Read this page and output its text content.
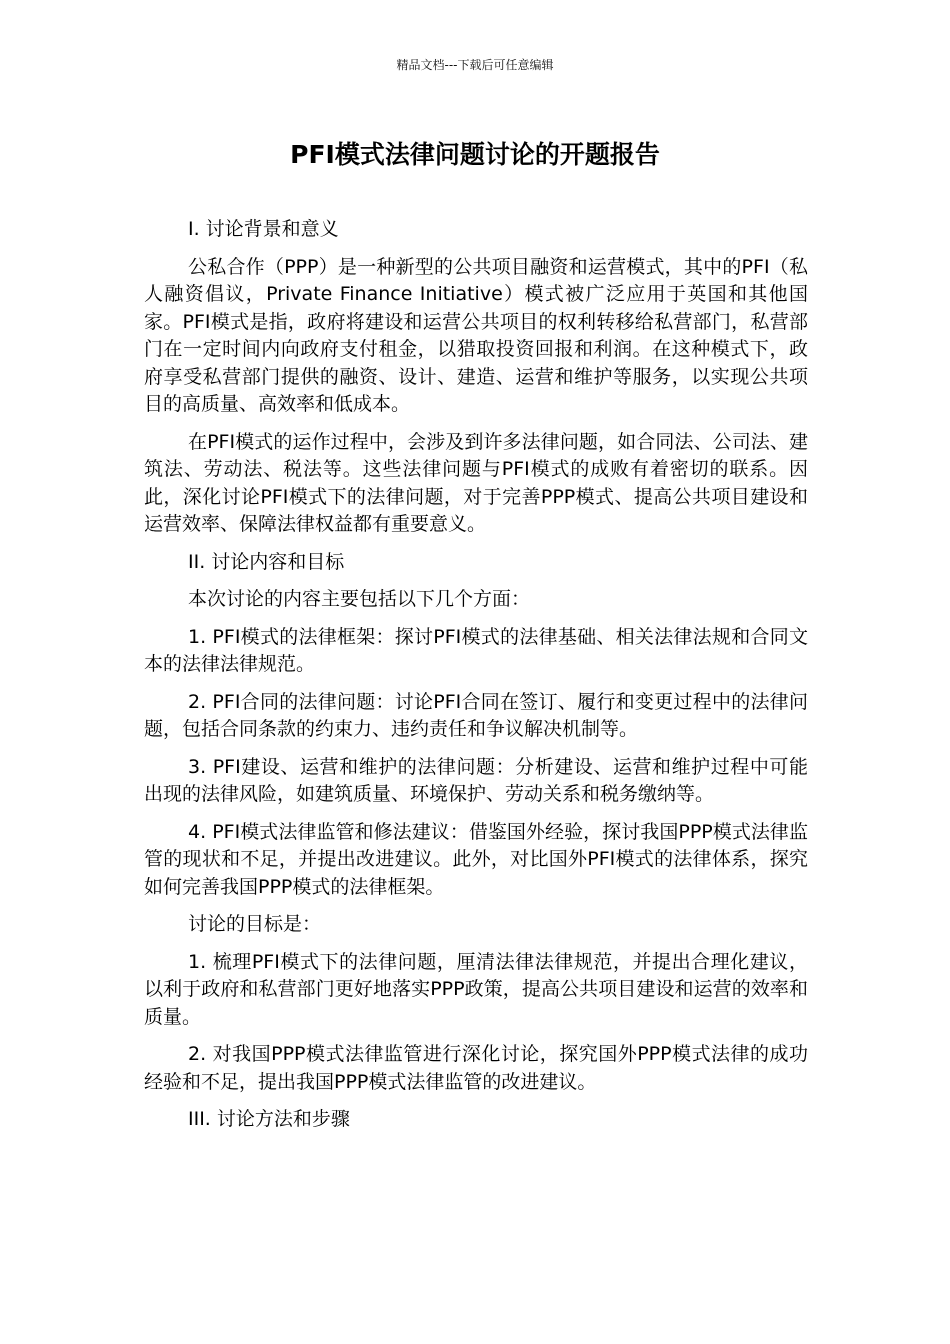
精品文档---下载后可任意编辑
PFI模式法律问题讨论的开题报告

I. 讨论背景和意义

公私合作（PPP）是一种新型的公共项目融资和运营模式，其中的PFI（私人融资倡议，Private Finance Initiative）模式被广泛应用于英国和其他国家。PFI模式是指，政府将建设和运营公共项目的权利转移给私营部门，私营部门在一定时间内向政府支付租金，以猎取投资回报和利润。在这种模式下，政府享受私营部门提供的融资、设计、建造、运营和维护等服务，以实现公共项目的高质量、高效率和低成本。

在PFI模式的运作过程中，会涉及到许多法律问题，如合同法、公司法、建筑法、劳动法、税法等。这些法律问题与PFI模式的成败有着密切的联系。因此，深化讨论PFI模式下的法律问题，对于完善PPP模式、提高公共项目建设和运营效率、保障法律权益都有重要意义。

II. 讨论内容和目标

本次讨论的内容主要包括以下几个方面：

1. PFI模式的法律框架：探讨PFI模式的法律基础、相关法律法规和合同文本的法律法律规范。

2. PFI合同的法律问题：讨论PFI合同在签订、履行和变更过程中的法律问题，包括合同条款的约束力、违约责任和争议解决机制等。

3. PFI建设、运营和维护的法律问题：分析建设、运营和维护过程中可能出现的法律风险，如建筑质量、环境保护、劳动关系和税务缴纳等。

4. PFI模式法律监管和修法建议：借鉴国外经验，探讨我国PPP模式法律监管的现状和不足，并提出改进建议。此外，对比国外PFI模式的法律体系，探究如何完善我国PPP模式的法律框架。

讨论的目标是：

1. 梳理PFI模式下的法律问题，厘清法律法律规范，并提出合理化建议，以利于政府和私营部门更好地落实PPP政策，提高公共项目建设和运营的效率和质量。

2. 对我国PPP模式法律监管进行深化讨论，探究国外PPP模式法律的成功经验和不足，提出我国PPP模式法律监管的改进建议。

III. 讨论方法和步骤
